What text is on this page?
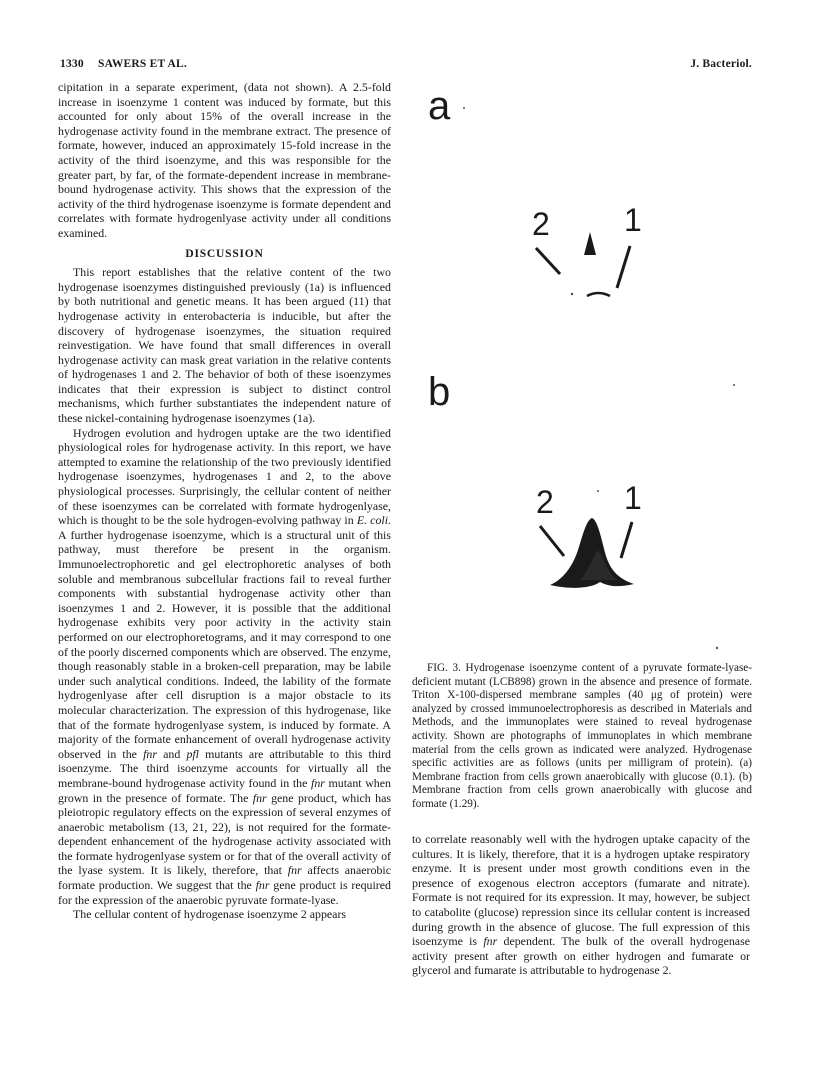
1330 SAWERS ET AL.	J. Bacteriol.

cipitation in a separate experiment, (data not shown). A 2.5-fold increase in isoenzyme 1 content was induced by formate, but this accounted for only about 15% of the overall increase in the hydrogenase activity found in the membrane extract. The presence of formate, however, induced an approximately 15-fold increase in the activity of the third isoenzyme, and this was responsible for the greater part, by far, of the formate-dependent increase in membrane-bound hydrogenase activity. This shows that the expression of the activity of the third hydrogenase isoenzyme is formate dependent and correlates with formate hydrogenlyase activity under all conditions examined.

DISCUSSION

This report establishes that the relative content of the two hydrogenase isoenzymes distinguished previously (1a) is influenced by both nutritional and genetic means. It has been argued (11) that hydrogenase activity in enterobacteria is inducible, but after the discovery of hydrogenase isoenzymes, the situation required reinvestigation. We have found that small differences in overall hydrogenase activity can mask great variation in the relative contents of hydrogenases 1 and 2. The behavior of both of these isoenzymes indicates that their expression is subject to distinct control mechanisms, which further substantiates the independent nature of these nickel-containing hydrogenase isoenzymes (1a).

Hydrogen evolution and hydrogen uptake are the two identified physiological roles for hydrogenase activity. In this report, we have attempted to examine the relationship of the two previously identified hydrogenase isoenzymes, hydrogenases 1 and 2, to the above physiological processes. Surprisingly, the cellular content of neither of these isoenzymes can be correlated with formate hydrogenlyase, which is thought to be the sole hydrogen-evolving pathway in E. coli. A further hydrogenase isoenzyme, which is a structural unit of this pathway, must therefore be present in the organism. Immunoelectrophoretic and gel electrophoretic analyses of both soluble and membranous subcellular fractions fail to reveal further components with substantial hydrogenase activity other than isoenzymes 1 and 2. However, it is possible that the additional hydrogenase exhibits very poor activity in the activity stain performed on our electrophoretograms, and it may correspond to one of the poorly discerned components which are observed. The enzyme, though reasonably stable in a broken-cell preparation, may be labile under such analytical conditions. Indeed, the lability of the formate hydrogenlyase after cell disruption is a major obstacle to its molecular characterization. The expression of this hydrogenase, like that of the formate hydrogenlyase system, is induced by formate. A majority of the formate enhancement of overall hydrogenase activity observed in the fnr and pfl mutants are attributable to this third isoenzyme. The third isoenzyme accounts for virtually all the membrane-bound hydrogenase activity found in the fnr mutant when grown in the presence of formate. The fnr gene product, which has pleiotropic regulatory effects on the expression of several enzymes of anaerobic metabolism (13, 21, 22), is not required for the formate-dependent enhancement of the hydrogenase activity associated with the formate hydrogenlyase system or for that of the overall activity of the lyase system. It is likely, therefore, that fnr affects anaerobic formate production. We suggest that the fnr gene product is required for the expression of the anaerobic pyruvate formate-lyase.

The cellular content of hydrogenase isoenzyme 2 appears

a
2 1
b
2 1

FIG. 3. Hydrogenase isoenzyme content of a pyruvate formate-lyase-deficient mutant (LCB898) grown in the absence and presence of formate. Triton X-100-dispersed membrane samples (40 μg of protein) were analyzed by crossed immunoelectrophoresis as described in Materials and Methods, and the immunoplates were stained to reveal hydrogenase activity. Shown are photographs of immunoplates in which membrane material from the cells grown as indicated were analyzed. Hydrogenase specific activities are as follows (units per milligram of protein). (a) Membrane fraction from cells grown anaerobically with glucose (0.1). (b) Membrane fraction from cells grown anaerobically with glucose and formate (1.29).

to correlate reasonably well with the hydrogen uptake capacity of the cultures. It is likely, therefore, that it is a hydrogen uptake respiratory enzyme. It is present under most growth conditions even in the presence of exogenous electron acceptors (fumarate and nitrate). Formate is not required for its expression. It may, however, be subject to catabolite (glucose) repression since its cellular content is increased during growth in the absence of glucose. The full expression of this isoenzyme is fnr dependent. The bulk of the overall hydrogenase activity present after growth on either hydrogen and fumarate or glycerol and fumarate is attributable to hydrogenase 2.
